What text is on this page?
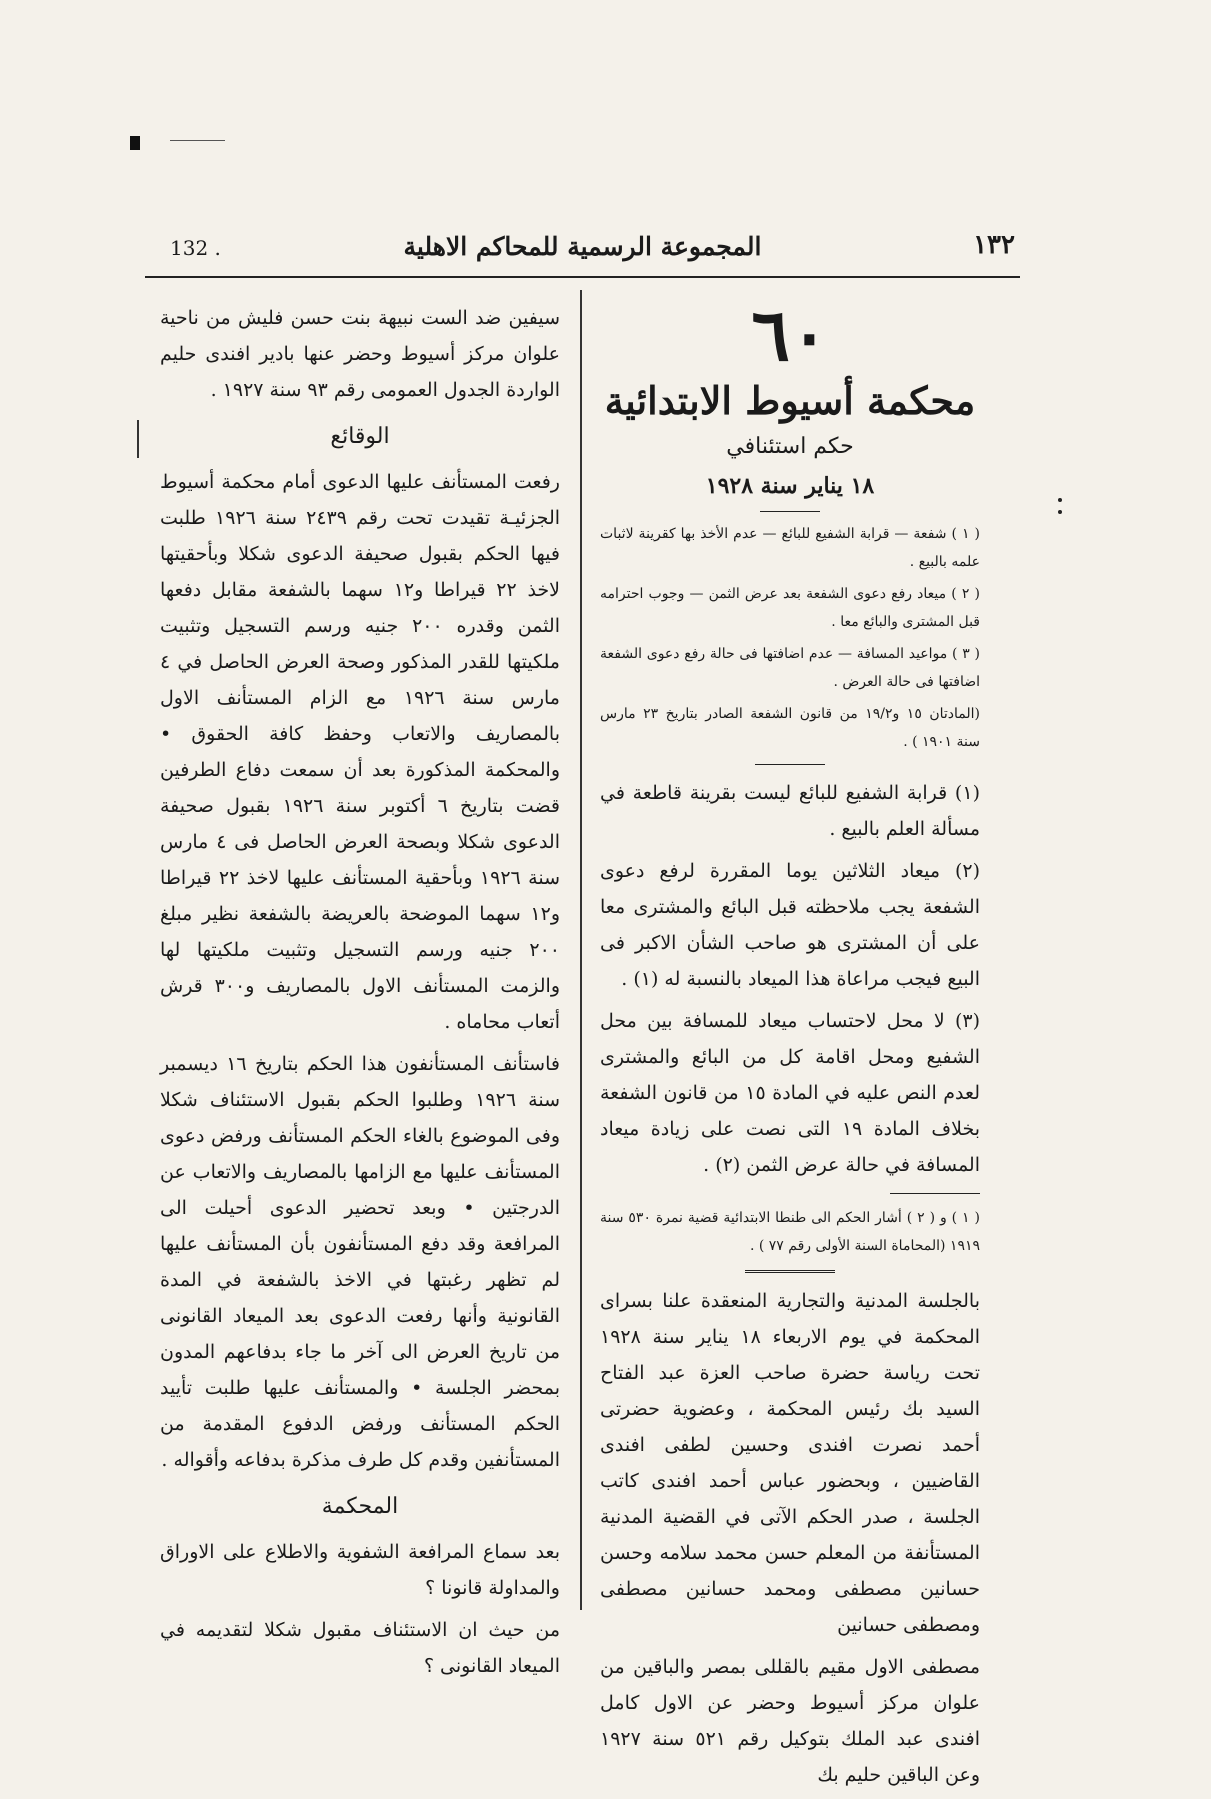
١٣٢
المجموعة الرسمية للمحاكم الاهلية
132 .
٦٠
محكمة أسيوط الابتدائية
حكم استئنافي
١٨ يناير سنة ١٩٢٨

( ١ ) شفعة — قرابة الشفيع للبائع — عدم الأخذ بها كقرينة لاثبات علمه بالبيع .

( ٢ ) ميعاد رفع دعوى الشفعة بعد عرض الثمن — وجوب احترامه قبل المشترى والبائع معا .

( ٣ ) مواعيد المسافة — عدم اضافتها فى حالة رفع دعوى الشفعة اضافتها فى حالة العرض .

(المادتان ١٥ و١٩/٢ من قانون الشفعة الصادر بتاريخ ٢٣ مارس سنة ١٩٠١ ) .

(١) قرابة الشفيع للبائع ليست بقرينة قاطعة في مسألة العلم بالبيع .

(٢) ميعاد الثلاثين يوما المقررة لرفع دعوى الشفعة يجب ملاحظته قبل البائع والمشترى معا على أن المشترى هو صاحب الشأن الاكبر فى البيع فيجب مراعاة هذا الميعاد بالنسبة له (١) .

(٣) لا محل لاحتساب ميعاد للمسافة بين محل الشفيع ومحل اقامة كل من البائع والمشترى لعدم النص عليه في المادة ١٥ من قانون الشفعة بخلاف المادة ١٩ التى نصت على زيادة ميعاد المسافة في حالة عرض الثمن (٢) .

( ١ ) و ( ٢ ) أشار الحكم الى طنطا الابتدائية قضية نمرة ٥٣٠ سنة ١٩١٩ (المحاماة السنة الأولى رقم ٧٧ ) .

بالجلسة المدنية والتجارية المنعقدة علنا بسراى المحكمة في يوم الاربعاء ١٨ يناير سنة ١٩٢٨ تحت رياسة حضرة صاحب العزة عبد الفتاح السيد بك رئيس المحكمة ، وعضوية حضرتى أحمد نصرت افندى وحسين لطفى افندى القاضيين ، وبحضور عباس أحمد افندى كاتب الجلسة ، صدر الحكم الآتى في القضية المدنية المستأنفة من المعلم حسن محمد سلامه وحسن حسانين مصطفى ومحمد حسانين مصطفى ومصطفى حسانين

مصطفى الاول مقيم بالقللى بمصر والباقين من علوان مركز أسيوط وحضر عن الاول كامل افندى عبد الملك بتوكيل رقم ٥٢١ سنة ١٩٢٧ وعن الباقين حليم بك

سيفين ضد الست نبيهة بنت حسن فليش من ناحية علوان مركز أسيوط وحضر عنها بادير افندى حليم الواردة الجدول العمومى رقم ٩٣ سنة ١٩٢٧ .

الوقائع

رفعت المستأنف عليها الدعوى أمام محكمة أسيوط الجزئيـة تقيدت تحت رقم ٢٤٣٩ سنة ١٩٢٦ طلبت فيها الحكم بقبول صحيفة الدعوى شكلا وبأحقيتها لاخذ ٢٢ قيراطا و١٢ سهما بالشفعة مقابل دفعها الثمن وقدره ٢٠٠ جنيه ورسم التسجيل وتثبيت ملكيتها للقدر المذكور وصحة العرض الحاصل في ٤ مارس سنة ١٩٢٦ مع الزام المستأنف الاول بالمصاريف والاتعاب وحفظ كافة الحقوق • والمحكمة المذكورة بعد أن سمعت دفاع الطرفين قضت بتاريخ ٦ أكتوبر سنة ١٩٢٦ بقبول صحيفة الدعوى شكلا وبصحة العرض الحاصل فى ٤ مارس سنة ١٩٢٦ وبأحقية المستأنف عليها لاخذ ٢٢ قيراطا و١٢ سهما الموضحة بالعريضة بالشفعة نظير مبلغ ٢٠٠ جنيه ورسم التسجيل وتثبيت ملكيتها لها والزمت المستأنف الاول بالمصاريف و٣٠٠ قرش أتعاب محاماه .

فاستأنف المستأنفون هذا الحكم بتاريخ ١٦ ديسمبر سنة ١٩٢٦ وطلبوا الحكم بقبول الاستئناف شكلا وفى الموضوع بالغاء الحكم المستأنف ورفض دعوى المستأنف عليها مع الزامها بالمصاريف والاتعاب عن الدرجتين • وبعد تحضير الدعوى أحيلت الى المرافعة وقد دفع المستأنفون بأن المستأنف عليها لم تظهر رغبتها في الاخذ بالشفعة في المدة القانونية وأنها رفعت الدعوى بعد الميعاد القانونى من تاريخ العرض الى آخر ما جاء بدفاعهم المدون بمحضر الجلسة • والمستأنف عليها طلبت تأييد الحكم المستأنف ورفض الدفوع المقدمة من المستأنفين وقدم كل طرف مذكرة بدفاعه وأقواله .

المحكمة

بعد سماع المرافعة الشفوية والاطلاع على الاوراق والمداولة قانونا ؟

من حيث ان الاستئناف مقبول شكلا لتقديمه في الميعاد القانونى ؟
